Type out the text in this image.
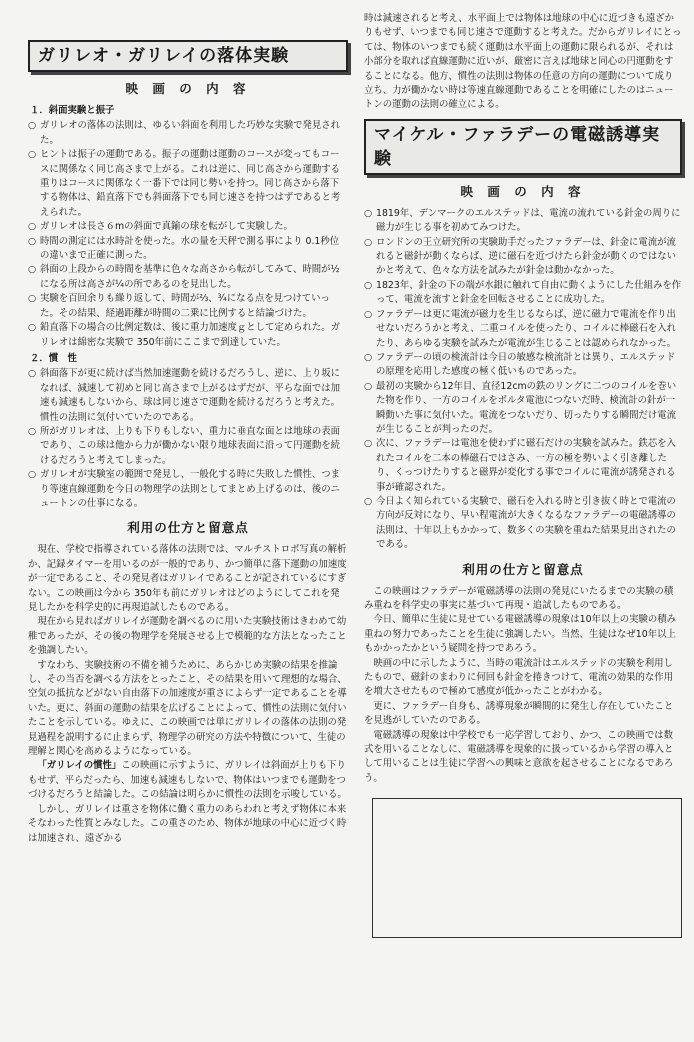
ガリレオ・ガリレイの落体実験
映 画 の 内 容
１．斜面実験と振子
○ ガリレオの落体の法則は、ゆるい斜面を利用した巧妙な実験で発見された。
○ ヒントは振子の運動である。振子の運動は運動のコースが変ってもコースに関係なく同じ高さまで上がる。これは逆に、同じ高さから運動する重りはコースに関係なく一番下では同じ勢いを持つ。同じ高さから落下する物体は、鉛直落下でも斜面落下でも同じ速さを持つはずであると考えられた。
○ ガリレオは長さ６mの斜面で真鍮の球を転がして実験した。
○ 時間の測定には水時計を使った。水の量を天秤で測る事により 0.1秒位の違いまで正確に測った。
○ 斜面の上段からの時間を基準に色々な高さから転がしてみて、時間が½になる所は高さが¼の所であるのを見出した。
○ 実験を百回余りも繰り返して、時間が⅔、¾になる点を見つけていった。その結果、経過距離が時間の二乗に比例すると結論づけた。
○ 鉛直落下の場合の比例定数は、後に重力加速度ｇとして定められた。ガリレオは綿密な実験で 350年前にここまで到達していた。
２．慣　性
○ 斜面落下が更に続けば当然加速運動を続けるだろうし、逆に、上り坂になれば、減速して初めと同じ高さまで上がるはずだが、平らな面では加速も減速もしないから、球は同じ速さで運動を続けるだろうと考えた。慣性の法則に気付いていたのである。
○ 所がガリレオは、上りも下りもしない、重力に垂直な面とは地球の表面であり、この球は他から力が働かない限り地球表面に沿って円運動を続けるだろうと考えてしまった。
○ ガリレオが実験室の範囲で発見し、一般化する時に失敗した慣性、つまり等速直線運動を今日の物理学の法則としてまとめ上げるのは、後のニュートンの仕事になる。
利用の仕方と留意点

現在、学校で指導されている落体の法則では、マルチストロボ写真の解析か、記録タイマーを用いるのが一般的であり、かつ簡単に落下運動の加速度が一定であること、その発見者はガリレイであることが記されているにすぎない。この映画は今から 350年も前にガリレオはどのようにしてこれを発見したかを科学史的に再現追試したものである。

現在から見ればガリレイが運動を調べるのに用いた実験技術はきわめて幼稚であったが、その後の物理学を発展させる上で模範的な方法となったことを強調したい。

すなわち、実験技術の不備を補うために、あらかじめ実験の結果を推論し、その当否を調べる方法をとったこと、その結果を用いて理想的な場合、空気の抵抗などがない自由落下の加速度が重さによらず一定であることを導いた。更に、斜面の運動の結果を広げることによって、慣性の法則に気付いたことを示している。ゆえに、この映画では単にガリレイの落体の法則の発見過程を説明するに止まらず、物理学の研究の方法や特徴について、生徒の理解と関心を高めるようになっている。

「ガリレイの慣性」この映画に示すように、ガリレイは斜面が上りも下りもせず、平らだったら、加速も減速もしないで、物体はいつまでも運動をつづけるだろうと結論した。この結論は明らかに慣性の法則を示唆している。

しかし、ガリレイは重さを物体に働く重力のあらわれと考えず物体に本来そなわった性質とみなした。この重さのため、物体が地球の中心に近づく時は加速され、遠ざかる

時は減速されると考え、水平面上では物体は地球の中心に近づきも遠ざかりもせず、いつまでも同じ速さで運動すると考えた。だからガリレイにとっては、物体のいつまでも続く運動は水平面上の運動に限られるが、それは小部分を取れば直線運動に近いが、厳密に言えば地球と同心の円運動をすることになる。他方、慣性の法則は物体の任意の方向の運動について成り立ち、力が働かない時は等速直線運動であることを明確にしたのはニュートンの運動の法則の確立による。

マイケル・ファラデーの電磁誘導実験
映 画 の 内 容
○ 1819年、デンマークのエルステッドは、電流の流れている針金の周りに磁力が生じる事を初めてみつけた。
○ ロンドンの王立研究所の実験助手だったファラデーは、針金に電流が流れると磁針が動くならば、逆に磁石を近づけたら針金が動くのではないかと考えて、色々な方法を試みたが針金は動かなかった。
○ 1823年、針金の下の端が水銀に触れて自由に動くようにした仕組みを作って、電流を流すと針金を回転させることに成功した。
○ ファラデーは更に電流が磁力を生じるならば、逆に磁力で電流を作り出せないだろうかと考え、二重コイルを使ったり、コイルに棒磁石を入れたり、あらゆる実験を試みたが電流が生じることは認められなかった。
○ ファラデーの頃の検流計は今日の敏感な検流計とは異り、エルステッドの原理を応用した感度の極く低いものであった。
○ 最初の実験から12年目、直径12cmの鉄のリングに二つのコイルを巻いた物を作り、一方のコイルをボルタ電池につないだ時、検流計の針が一瞬動いた事に気付いた。電流をつないだり、切ったりする瞬間だけ電流が生じることが判ったのだ。
○ 次に、ファラデーは電池を使わずに磁石だけの実験を試みた。鉄芯を入れたコイルを二本の棒磁石ではさみ、一方の極を勢いよく引き離したり、くっつけたりすると磁界が変化する事でコイルに電流が誘発される事が確認された。
○ 今日よく知られている実験で、磁石を入れる時と引き抜く時とで電流の方向が反対になり、早い程電流が大きくなるなファラデーの電磁誘導の法則は、十年以上もかかって、数多くの実験を重ねた結果見出されたのである。
利用の仕方と留意点

この映画はファラデーが電磁誘導の法則の発見にいたるまでの実験の積み重ねを科学史の事実に基づいて再現・追試したものである。

今日、簡単に生徒に見せている電磁誘導の現象は10年以上の実験の積み重ねの努力であったことを生徒に強調したい。当然、生徒はなぜ10年以上もかかったかという疑問を持つであろう。

映画の中に示したように、当時の電流計はエルステッドの実験を利用したもので、磁針のまわりに何回も針金を捲きつけて、電流の効果的な作用を増大させたもので極めて感度が低かったことがわかる。

更に、ファラデー自身も、誘導現象が瞬間的に発生し存在していたことを見逃がしていたのである。

電磁誘導の現象は中学校でも一応学習しており、かつ、この映画では数式を用いることなしに、電磁誘導を現象的に扱っているから学習の導入として用いることは生徒に学習への興味と意欲を起させることになるであろう。
